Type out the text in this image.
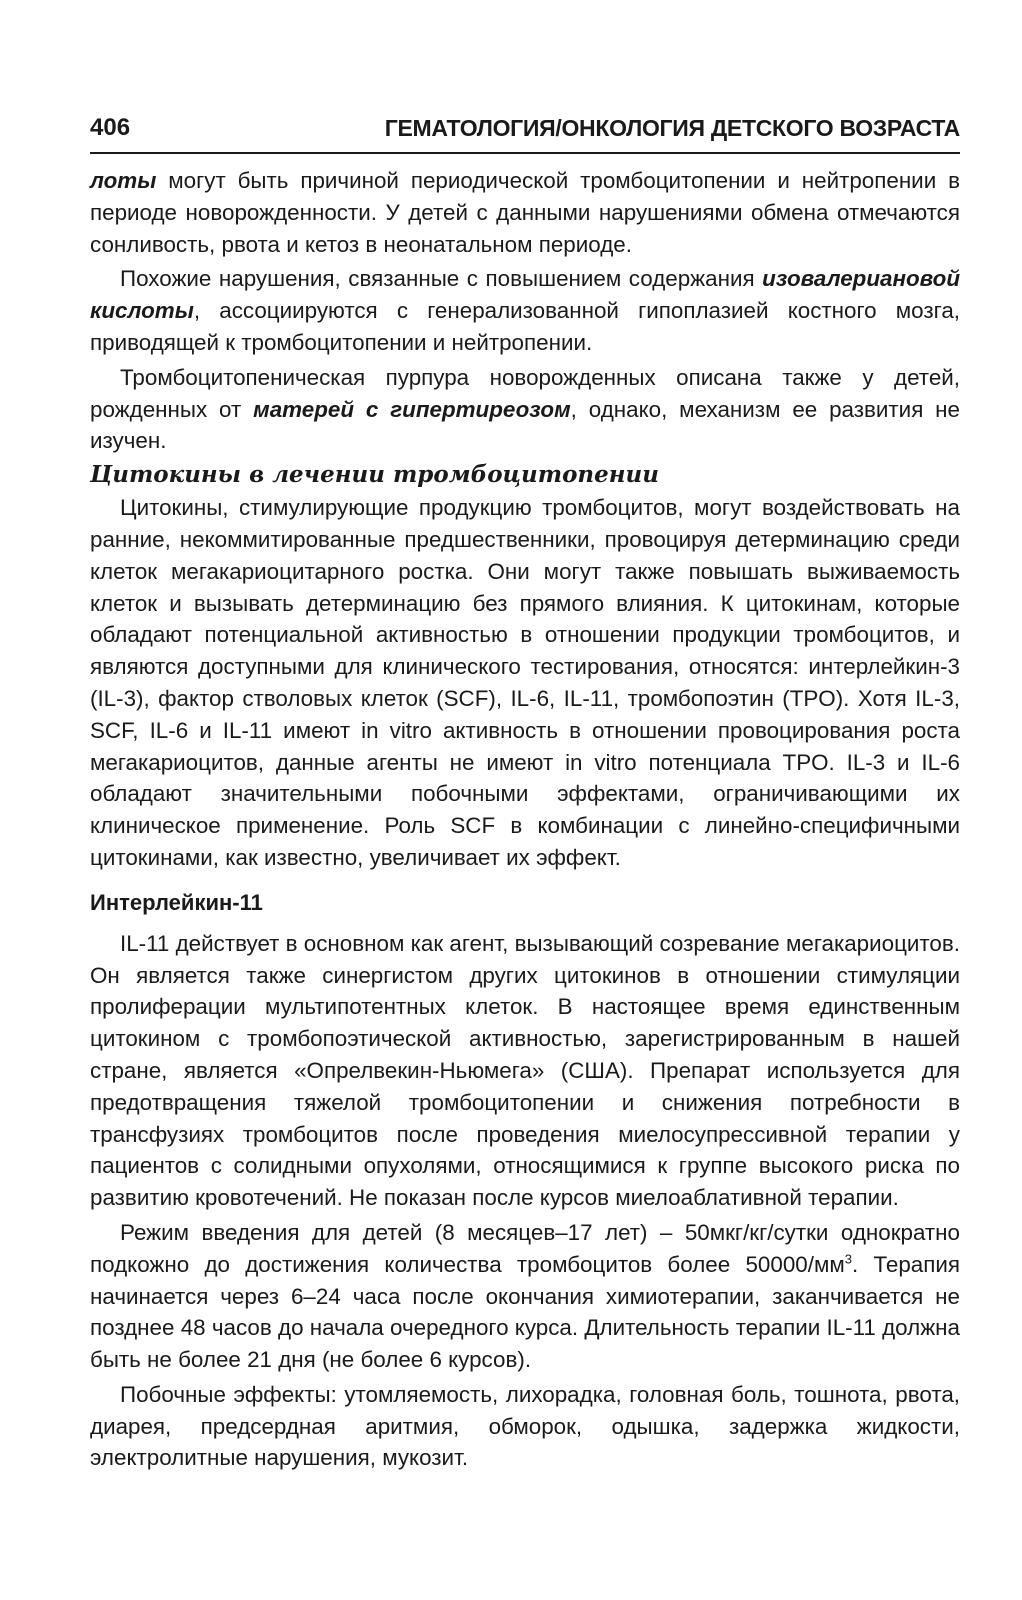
406	ГЕМАТОЛОГИЯ/ОНКОЛОГИЯ ДЕТСКОГО ВОЗРАСТА

лоты могут быть причиной периодической тромбоцитопении и нейтропении в периоде новорожденности. У детей с данными нарушениями обмена отмечаются сонливость, рвота и кетоз в неонатальном периоде.

Похожие нарушения, связанные с повышением содержания изовалериановой кислоты, ассоциируются с генерализованной гипоплазией костного мозга, приводящей к тромбоцитопении и нейтропении.

Тромбоцитопеническая пурпура новорожденных описана также у детей, рожденных от матерей с гипертиреозом, однако, механизм ее развития не изучен.

Цитокины в лечении тромбоцитопении

Цитокины, стимулирующие продукцию тромбоцитов, могут воздействовать на ранние, некоммитированные предшественники, провоцируя детерминацию среди клеток мегакариоцитарного ростка. Они могут также повышать выживаемость клеток и вызывать детерминацию без прямого влияния. К цитокинам, которые обладают потенциальной активностью в отношении продукции тромбоцитов, и являются доступными для клинического тестирования, относятся: интерлейкин-3 (IL-3), фактор стволовых клеток (SCF), IL-6, IL-11, тромбопоэтин (TPO). Хотя IL-3, SCF, IL-6 и IL-11 имеют in vitro активность в отношении провоцирования роста мегакариоцитов, данные агенты не имеют in vitro потенциала TPO. IL-3 и IL-6 обладают значительными побочными эффектами, ограничивающими их клиническое применение. Роль SCF в комбинации с линейно-специфичными цитокинами, как известно, увеличивает их эффект.

Интерлейкин-11

IL-11 действует в основном как агент, вызывающий созревание мегакариоцитов. Он является также синергистом других цитокинов в отношении стимуляции пролиферации мультипотентных клеток. В настоящее время единственным цитокином с тромбопоэтической активностью, зарегистрированным в нашей стране, является «Опрелвекин-Ньюмега» (США). Препарат используется для предотвращения тяжелой тромбоцитопении и снижения потребности в трансфузиях тромбоцитов после проведения миелосупрессивной терапии у пациентов с солидными опухолями, относящимися к группе высокого риска по развитию кровотечений. Не показан после курсов миелоаблативной терапии.

Режим введения для детей (8 месяцев–17 лет) – 50мкг/кг/сутки однократно подкожно до достижения количества тромбоцитов более $50000/мм^3$. Терапия начинается через 6–24 часа после окончания химиотерапии, заканчивается не позднее 48 часов до начала очередного курса. Длительность терапии IL-11 должна быть не более 21 дня (не более 6 курсов).

Побочные эффекты: утомляемость, лихорадка, головная боль, тошнота, рвота, диарея, предсердная аритмия, обморок, одышка, задержка жидкости, электролитные нарушения, мукозит.
